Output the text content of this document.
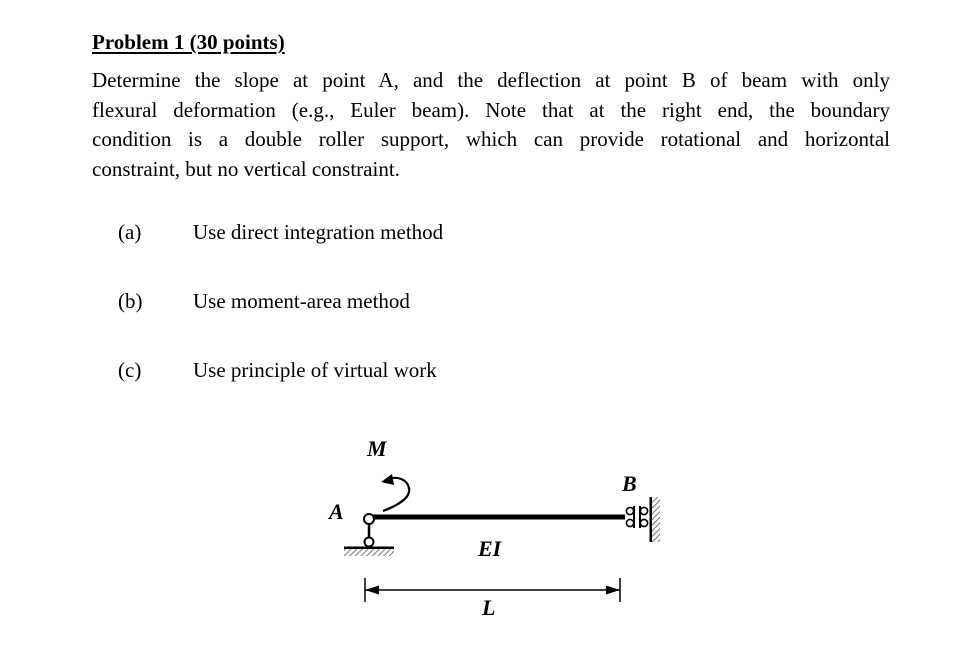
Problem 1 (30 points)
Determine the slope at point A, and the deflection at point B of beam with only
flexural deformation (e.g., Euler beam). Note that at the right end, the boundary
condition is a double roller support, which can provide rotational and horizontal
constraint, but no vertical constraint.
(a) Use direct integration method
(b) Use moment-area method
(c) Use principle of virtual work
M
A
B
EI
L
